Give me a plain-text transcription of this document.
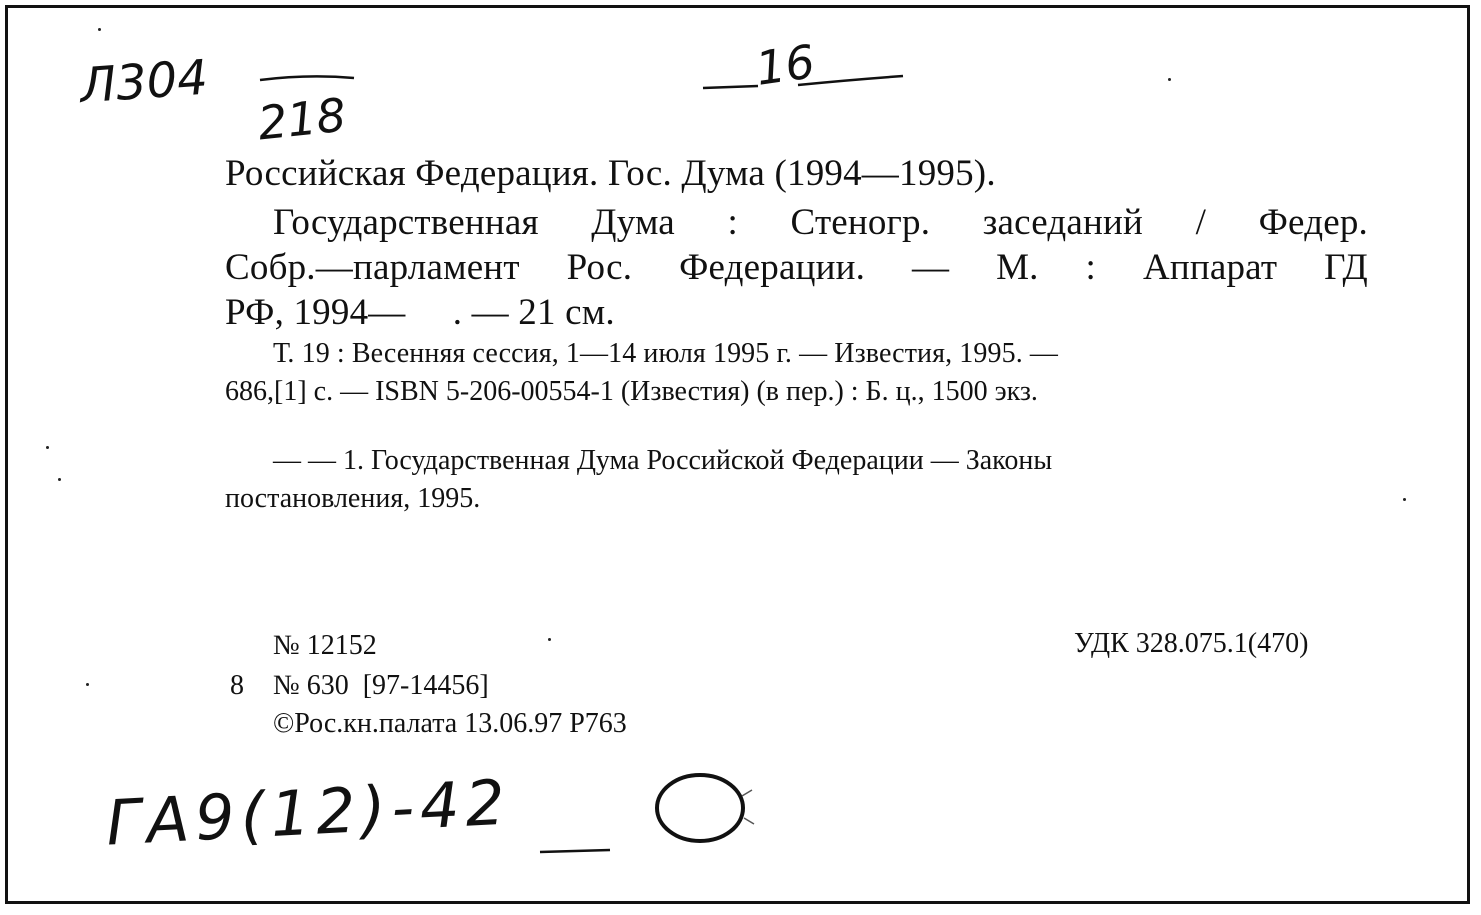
Л304
218
16
Российская Федерация. Гос. Дума (1994—1995).
Государственная Дума : Стеногр. заседаний / Федер.
Собр.—парламент Рос. Федерации. — М. : Аппарат ГД
РФ, 1994—     . — 21 см.
Т. 19 : Весенняя сессия, 1—14 июля 1995 г. — Известия, 1995. —
686,[1] с. — ISBN 5-206-00554-1 (Известия) (в пер.) : Б. ц., 1500 экз.
— — 1. Государственная Дума Российской Федерации — Законы
постановления, 1995.
№ 12152
8 № 630  [97-14456]
©Рос.кн.палата 13.06.97 Р763
УДК 328.075.1(470)
ГА9(12)-42
